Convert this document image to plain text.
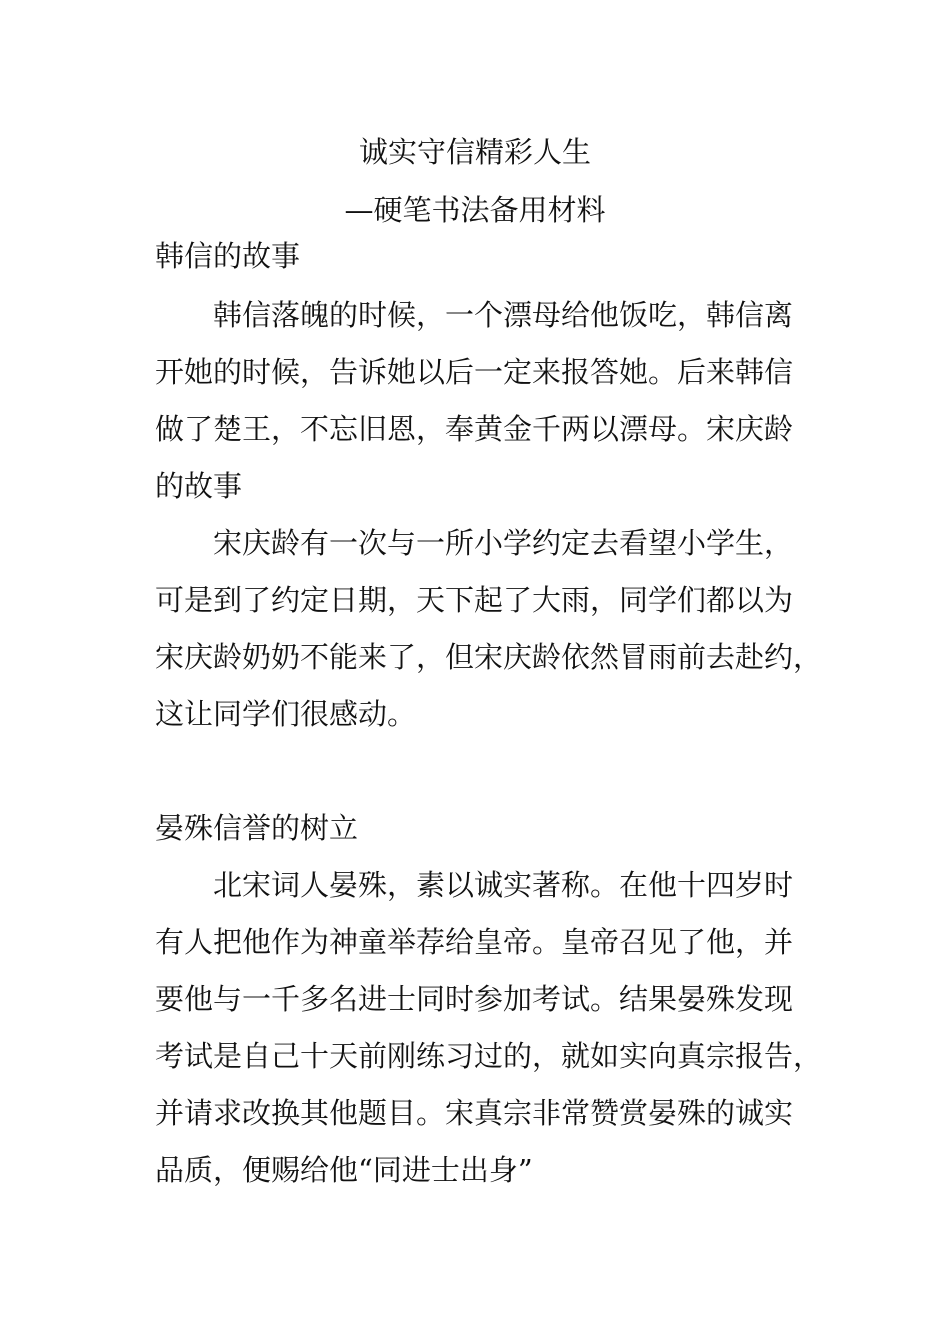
诚实守信精彩人生
—硬笔书法备用材料
韩信的故事
韩信落魄的时候，一个漂母给他饭吃，韩信离
开她的时候，告诉她以后一定来报答她。后来韩信
做了楚王，不忘旧恩，奉黄金千两以漂母。宋庆龄
的故事
宋庆龄有一次与一所小学约定去看望小学生，
可是到了约定日期，天下起了大雨，同学们都以为
宋庆龄奶奶不能来了，但宋庆龄依然冒雨前去赴约，
这让同学们很感动。
晏殊信誉的树立
北宋词人晏殊，素以诚实著称。在他十四岁时
有人把他作为神童举荐给皇帝。皇帝召见了他，并
要他与一千多名进士同时参加考试。结果晏殊发现
考试是自己十天前刚练习过的，就如实向真宗报告，
并请求改换其他题目。宋真宗非常赞赏晏殊的诚实
品质，便赐给他“同进士出身”
